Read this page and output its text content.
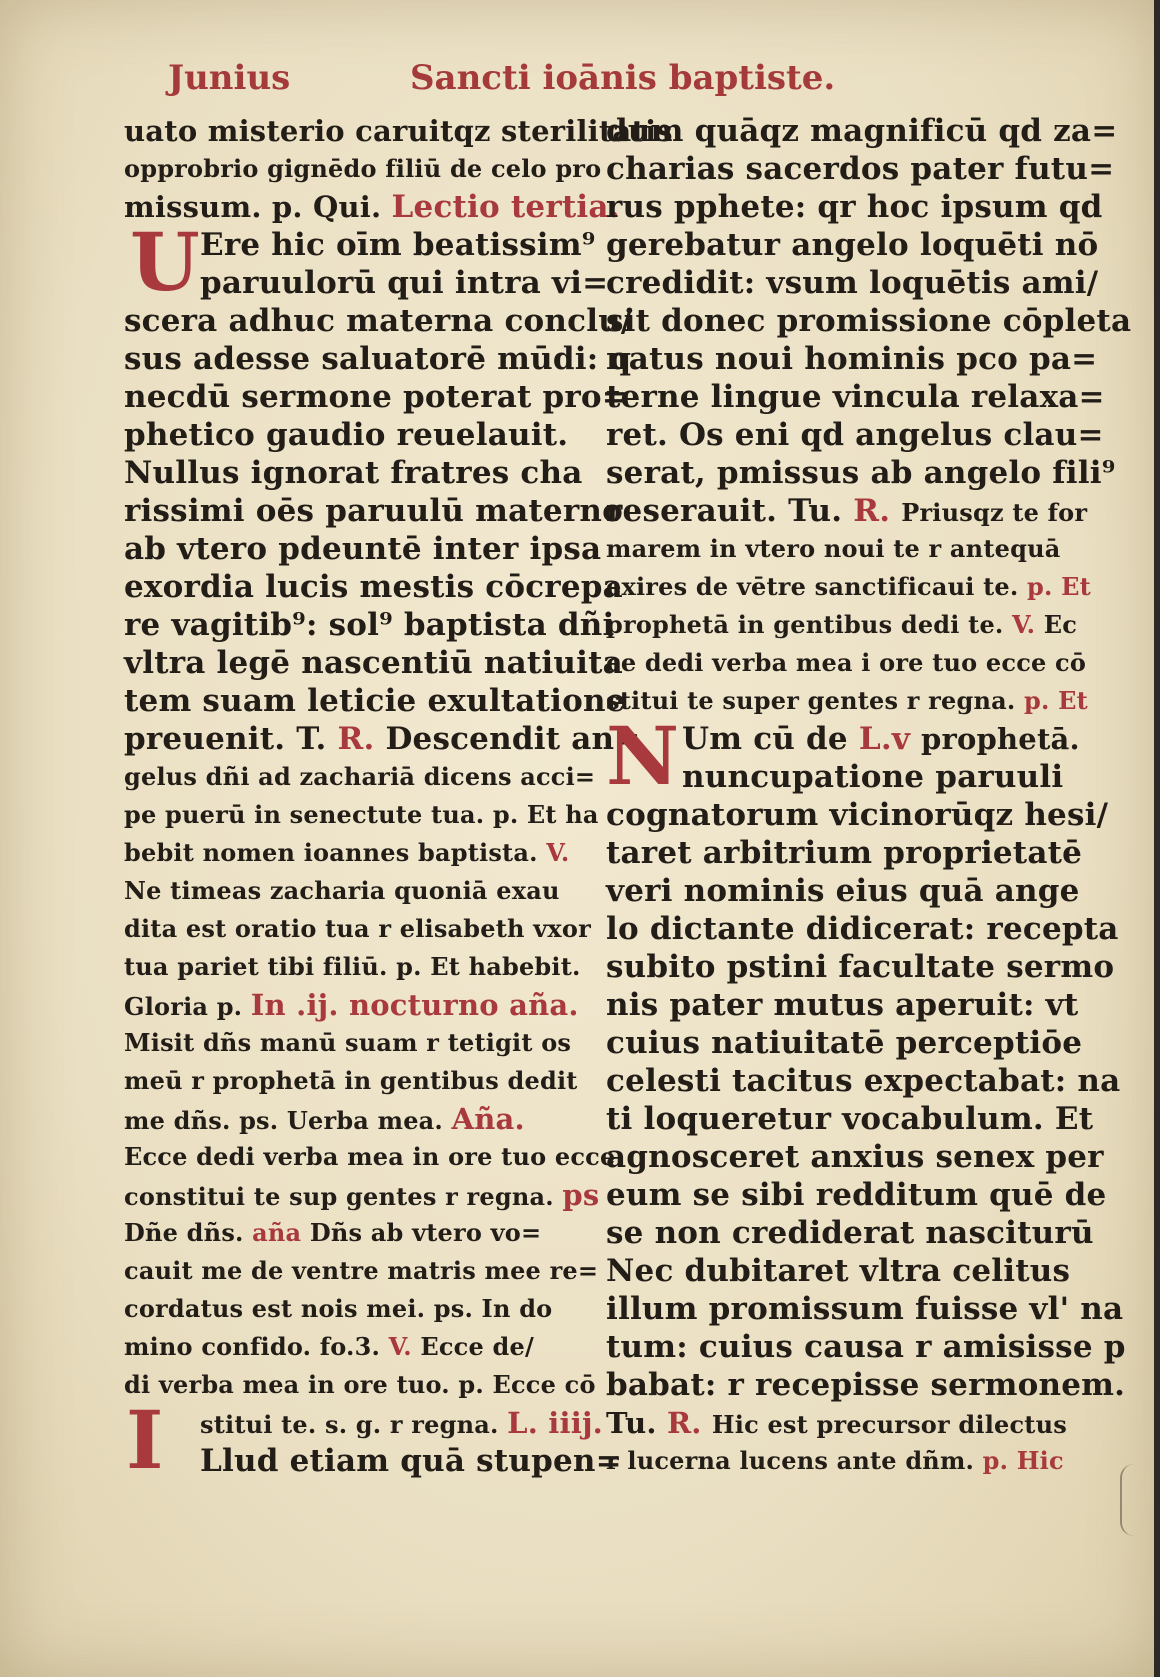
Junius	Sancti ioānis baptiste.
uato misterio caruitqz sterilitatis
opprobrio gignēdo filiū de celo pro
missum. p. Qui. Lectio tertia.
U Ere hic oīm beatissim⁹
paruulorū qui intra vi=
scera adhuc materna conclu/
sus adesse saluatorē mūdi: q
necdū sermone poterat pro=
phetico gaudio reuelauit.
Nullus ignorat fratres cha
rissimi oēs paruulū materno
ab vtero pdeuntē inter ipsa
exordia lucis mestis cōcrepa
re vagitib⁹: sol⁹ baptista dñi
vltra legē nascentiū natiuita
tem suam leticie exultatione
preuenit. T. R. Descendit an=
gelus dñi ad zachariā dicens acci=
pe puerū in senectute tua. p. Et ha
bebit nomen ioannes baptista. V.
Ne timeas zacharia quoniā exau
dita est oratio tua r elisabeth vxor
tua pariet tibi filiū. p. Et habebit.
Gloria p. In .ij. nocturno aña.
Misit dñs manū suam r tetigit os
meū r prophetā in gentibus dedit
me dñs. ps. Uerba mea. Aña.
Ecce dedi verba mea in ore tuo ecce
constitui te sup gentes r regna. ps
Dñe dñs. aña Dñs ab vtero vo=
cauit me de ventre matris mee re=
cordatus est nois mei. ps. In do
mino confido. fo.3. V. Ecce de/
di verba mea in ore tuo. p. Ecce cō
I	stitui te. s. g. r regna. L. iiij.
Llud etiam quā stupen=
dum quāqz magnificū qd za=
charias sacerdos pater futu=
rus pphete: qr hoc ipsum qd
gerebatur angelo loquēti nō
credidit: vsum loquētis ami/
sit donec promissione cōpleta
natus noui hominis pco pa=
terne lingue vincula relaxa=
ret. Os eni qd angelus clau=
serat, pmissus ab angelo fili⁹
reserauit. Tu. R. Priusqz te for
marem in vtero noui te r antequā
exires de vētre sanctificaui te. p. Et
prophetā in gentibus dedi te. V. Ec
ce dedi verba mea i ore tuo ecce cō
stitui te super gentes r regna. p. Et
N Um cū de L.v prophetā.
nuncupatione paruuli
cognatorum vicinorūqz hesi/
taret arbitrium proprietatē
veri nominis eius quā ange
lo dictante didicerat: recepta
subito pstini facultate sermo
nis pater mutus aperuit: vt
cuius natiuitatē perceptiōe
celesti tacitus expectabat: na
ti loqueretur vocabulum. Et
agnosceret anxius senex per
eum se sibi redditum quē de
se non crediderat nasciturū
Nec dubitaret vltra celitus
illum promissum fuisse vl' na
tum: cuius causa r amisisse p
babat: r recepisse sermonem.
Tu. R. Hic est precursor dilectus
r lucerna lucens ante dñm. p. Hic
